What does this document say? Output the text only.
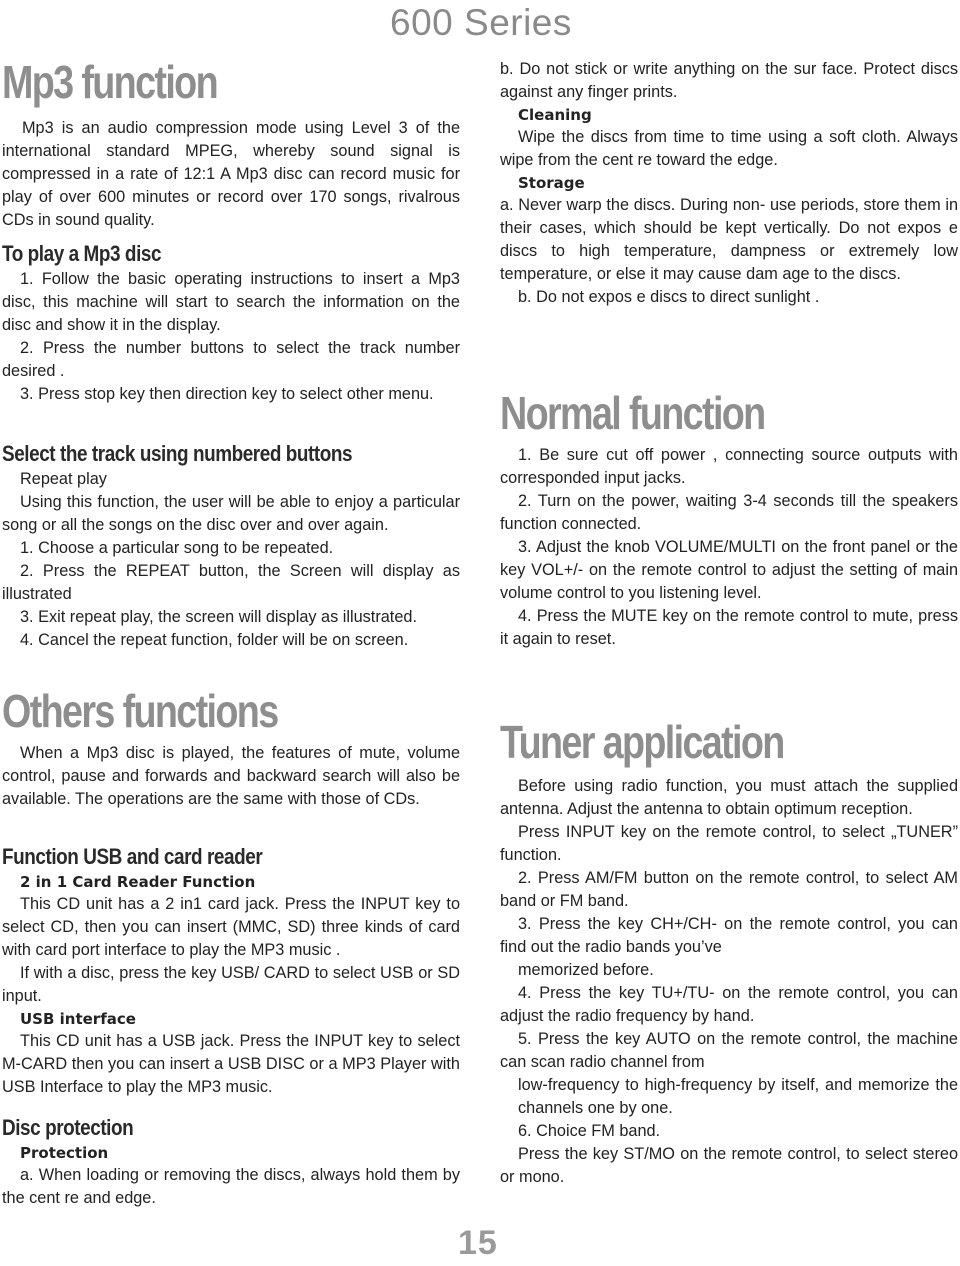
600 Series
Mp3 function

Mp3 is an audio compression mode using Level 3 of the international standard MPEG, whereby sound signal is compressed in a rate of 12:1 A Mp3 disc can record music for play of over 600 minutes or record over 170 songs, rivalrous CDs in sound quality.

To play a Mp3 disc

1. Follow the basic operating instructions to insert a Mp3 disc, this machine will start to search the information on the disc and show it in the display.

2. Press the number buttons to select the track number desired .

3. Press stop key then direction key to select other menu.

Select the track using numbered buttons

Repeat play

Using this function, the user will be able to enjoy a particular song or all the songs on the disc over and over again.

1. Choose a particular song to be repeated.

2. Press the REPEAT button, the Screen will display as illustrated

3. Exit repeat play, the screen will display as illustrated.

4. Cancel the repeat function, folder will be on screen.

Others functions

When a Mp3 disc is played, the features of mute, volume control, pause and forwards and backward search will also be available. The operations are the same with those of CDs.

Function USB and card reader
2 in 1 Card Reader Function

This CD unit has a 2 in1 card jack. Press the INPUT key to select CD, then you can insert (MMC, SD) three kinds of card with card port interface to play the MP3 music .

If with a disc, press the key USB/ CARD to select USB or SD input.

USB interface

This CD unit has a USB jack. Press the INPUT key to select M-CARD then you can insert a USB DISC or a MP3 Player with USB Interface to play the MP3 music.

Disc protection
Protection

a. When loading or removing the discs, always hold them by the cent re and edge.

b. Do not stick or write anything on the sur face. Protect discs against any finger prints.

Cleaning

Wipe the discs from time to time using a soft cloth. Always wipe from the cent re toward the edge.

Storage

a. Never warp the discs. During non- use periods, store them in their cases, which should be kept vertically. Do not expos e discs to high temperature, dampness or extremely low temperature, or else it may cause dam age to the discs.

b. Do not expos e discs to direct sunlight .

Normal function

1. Be sure cut off power , connecting source outputs with corresponded input jacks.

2. Turn on the power, waiting 3-4 seconds till the speakers function connected.

3. Adjust the knob VOLUME/MULTI on the front panel or the key VOL+/- on the remote control to adjust the setting of main volume control to you listening level.

4. Press the MUTE key on the remote control to mute, press it again to reset.

Tuner application

Before using radio function, you must attach the supplied antenna. Adjust the antenna to obtain optimum reception.

Press INPUT key on the remote control, to select „TUNER” function.

2. Press AM/FM button on the remote control, to select AM band or FM band.

3. Press the key CH+/CH- on the remote control, you can find out the radio bands you’ve

memorized before.

4. Press the key TU+/TU- on the remote control, you can adjust the radio frequency by hand.

5. Press the key AUTO on the remote control, the machine can scan radio channel from

low-frequency to high-frequency by itself, and memorize the channels one by one.

6. Choice FM band.

Press the key ST/MO on the remote control, to select stereo or mono.

15
